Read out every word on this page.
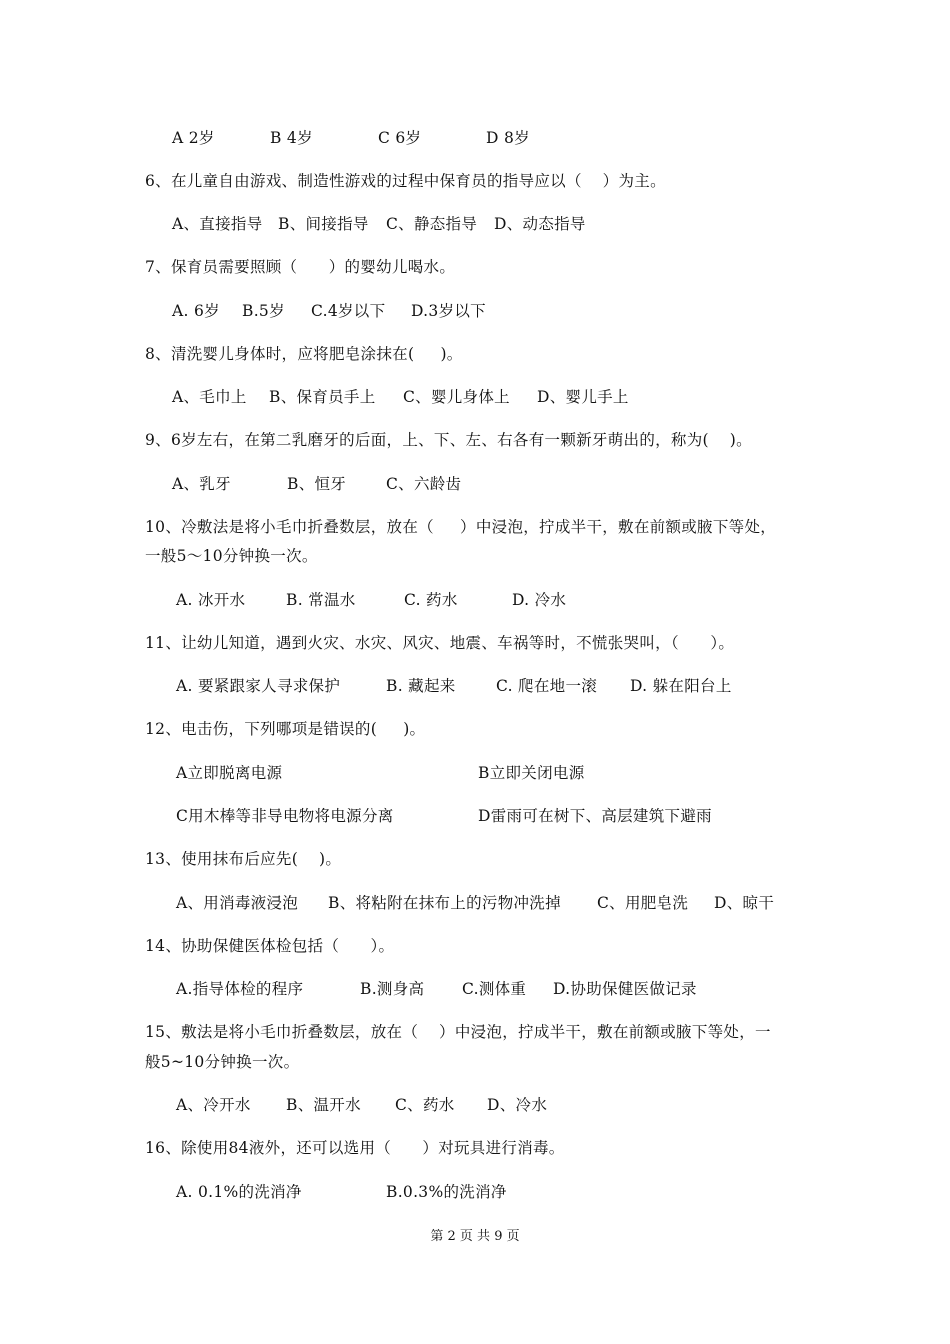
A 2岁	B 4岁	C 6岁	D 8岁
6、在儿童自由游戏、制造性游戏的过程中保育员的指导应以（    ）为主。
A、直接指导 B、间接指导 C、静态指导 D、动态指导
7、保育员需要照顾（      ）的婴幼儿喝水。
A. 6岁 B.5岁 C.4岁以下 D.3岁以下
8、清洗婴儿身体时，应将肥皂涂抹在(     )。
A、毛巾上 B、保育员手上 C、婴儿身体上 D、婴儿手上
9、6岁左右，在第二乳磨牙的后面，上、下、左、右各有一颗新牙萌出的，称为(    )。
A、乳牙	B、恒牙	C、六龄齿
10、冷敷法是将小毛巾折叠数层，放在（     ）中浸泡，拧成半干，敷在前额或腋下等处，
一般5～10分钟换一次。
A. 冰开水	B. 常温水	C. 药水	D. 冷水
11、让幼儿知道，遇到火灾、水灾、风灾、地震、车祸等时，不慌张哭叫，（      ）。
A. 要紧跟家人寻求保护	B. 藏起来	C. 爬在地一滚 D. 躲在阳台上
12、电击伤，下列哪项是错误的(     )。
A立即脱离电源	B立即关闭电源
C用木棒等非导电物将电源分离	D雷雨可在树下、高层建筑下避雨
13、使用抹布后应先(    )。
A、用消毒液浸泡 B、将粘附在抹布上的污物冲洗掉 C、用肥皂洗 D、晾干
14、协助保健医体检包括（      ）。
A.指导体检的程序	B.测身高 C.测体重 D.协助保健医做记录
15、敷法是将小毛巾折叠数层，放在（    ）中浸泡，拧成半干，敷在前额或腋下等处，一
般5~10分钟换一次。
A、冷开水 B、温开水 C、药水 D、冷水
16、除使用84液外，还可以选用（      ）对玩具进行消毒。
A. 0.1%的洗消净	B.0.3%的洗消净
第 2 页 共 9 页
